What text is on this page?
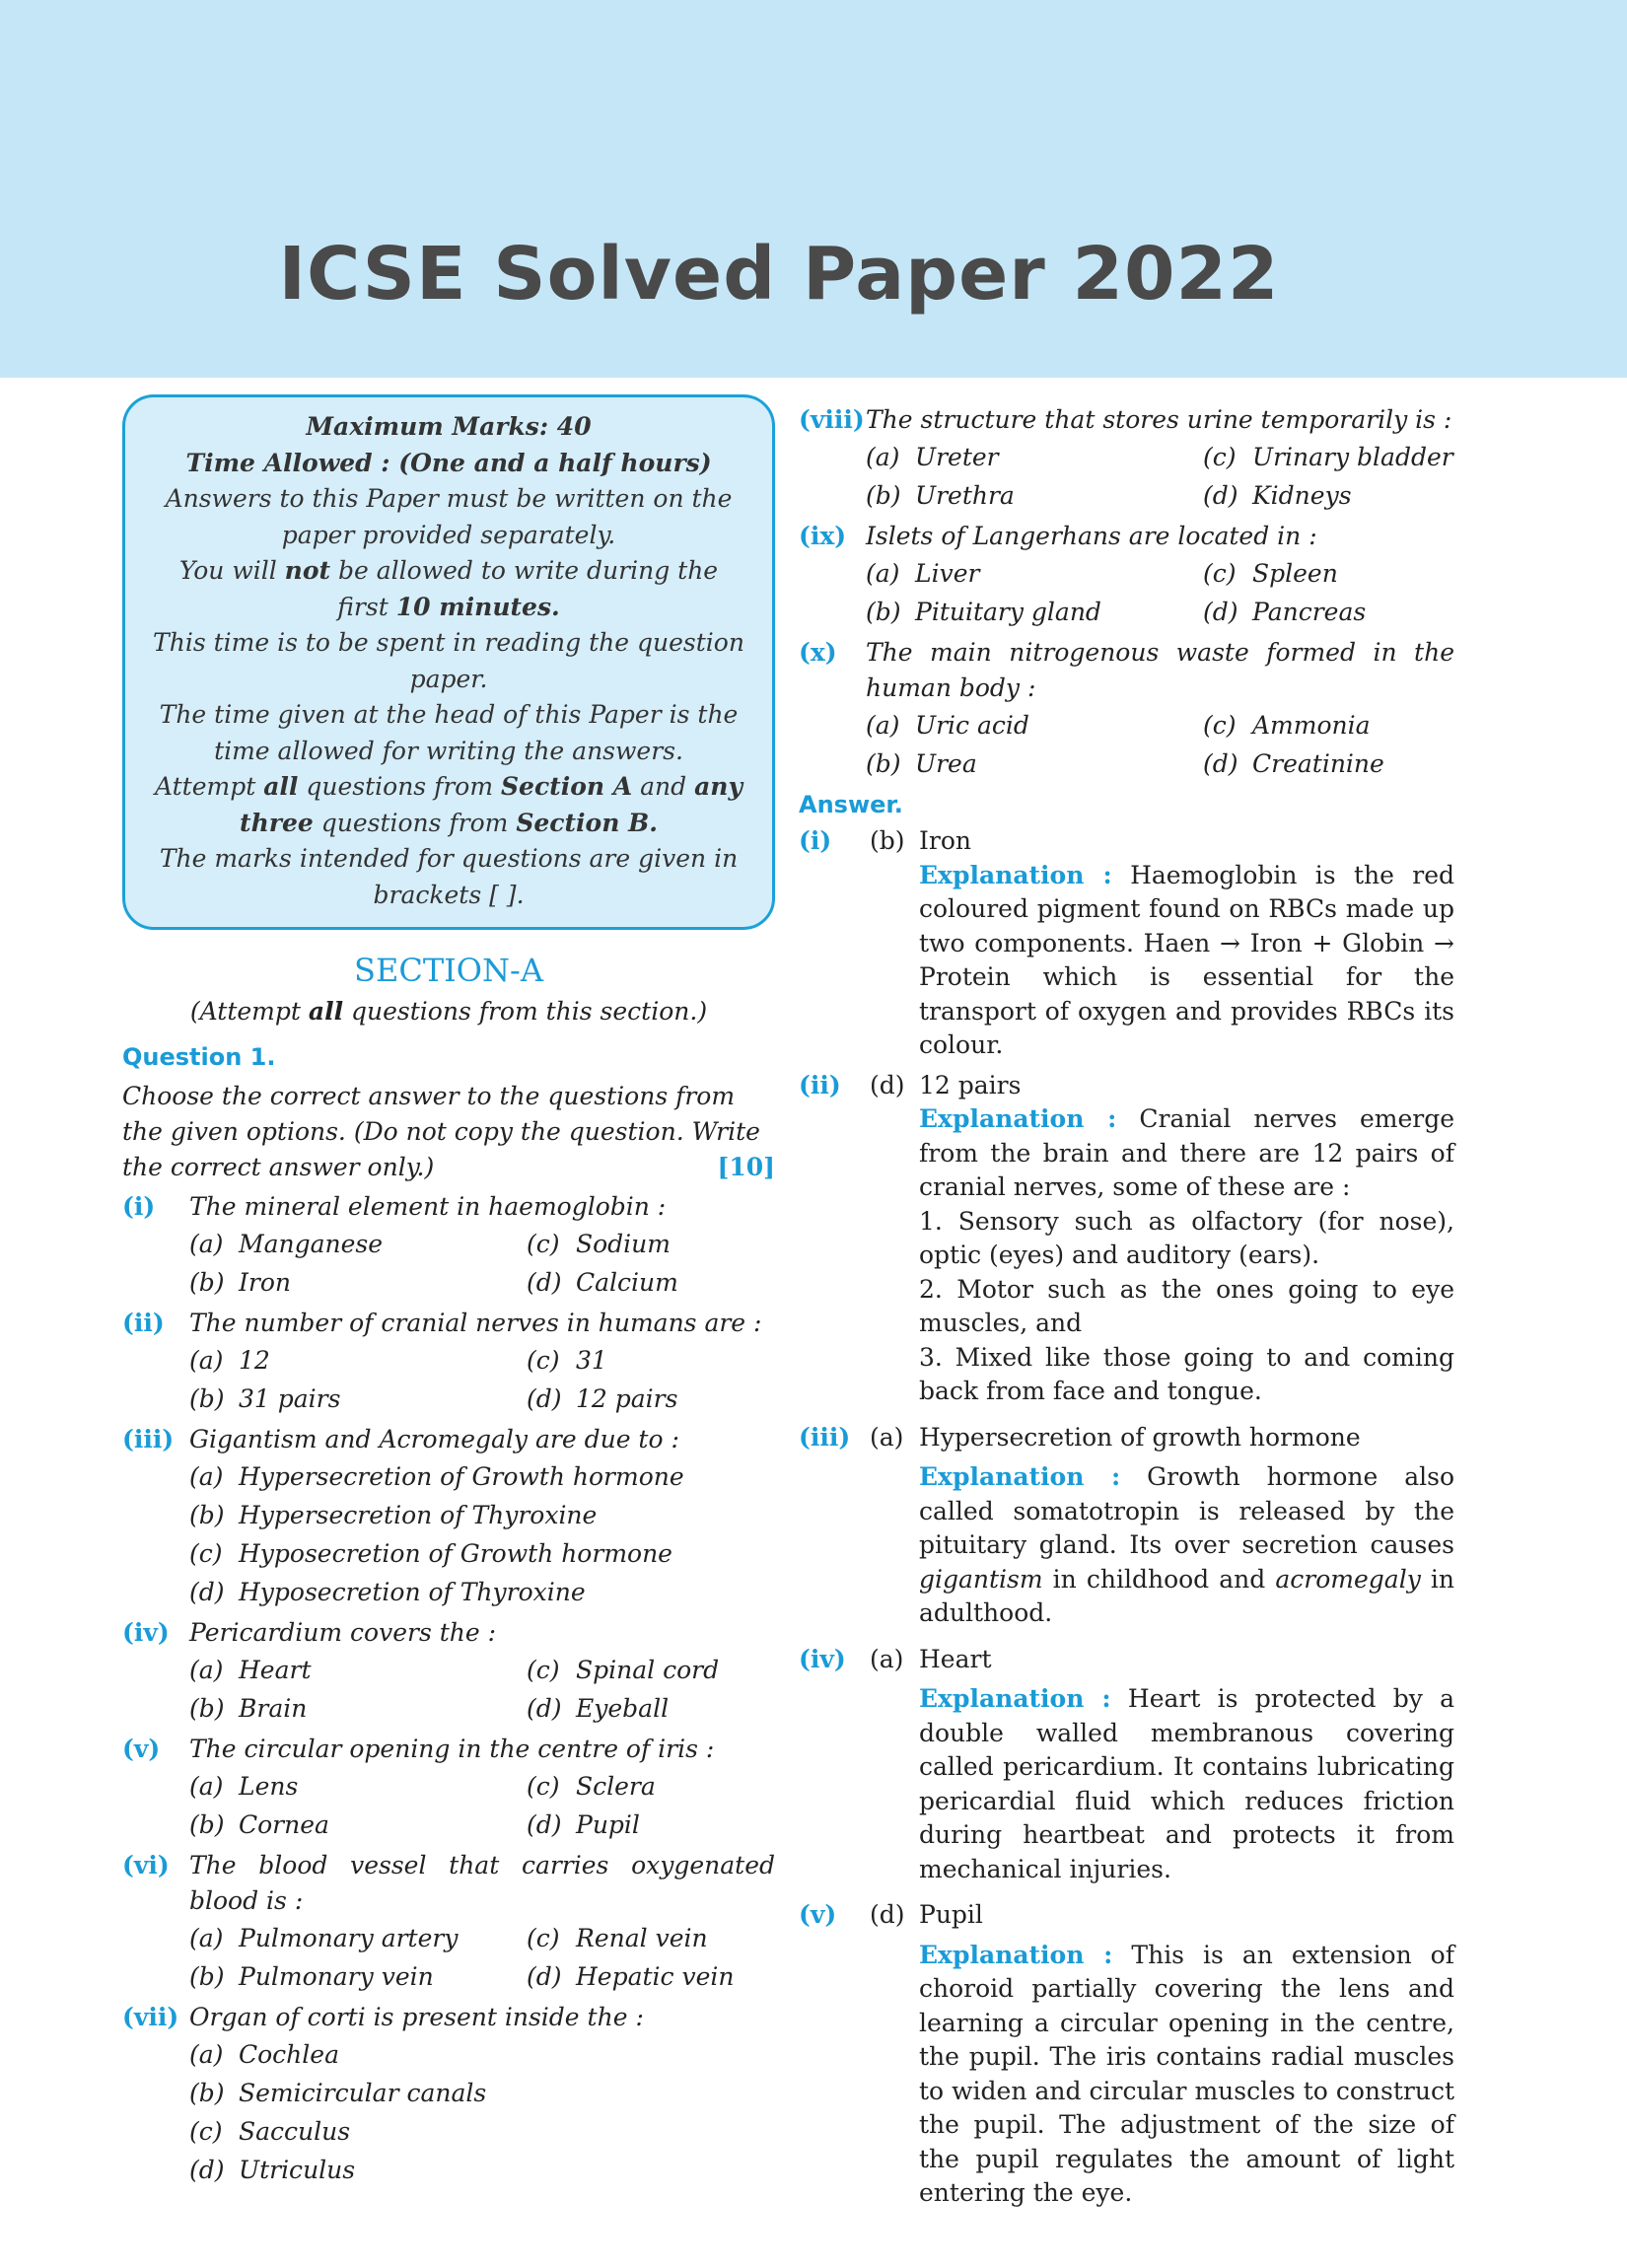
ICSE Solved Paper 2022
Maximum Marks: 40
Time Allowed : (One and a half hours)
Answers to this Paper must be written on the paper provided separately.
You will not be allowed to write during the first 10 minutes.
This time is to be spent in reading the question paper.
The time given at the head of this Paper is the time allowed for writing the answers.
Attempt all questions from Section A and any three questions from Section B.
The marks intended for questions are given in brackets [ ].
SECTION-A
(Attempt all questions from this section.)
Question 1.
Choose the correct answer to the questions from the given options. (Do not copy the question. Write the correct answer only.)	[10]
(i)	The mineral element in haemoglobin :
(a) Manganese	(c) Sodium
(b) Iron	(d) Calcium
(ii)	The number of cranial nerves in humans are :
(a) 12	(c) 31
(b) 31 pairs	(d) 12 pairs
(iii) Gigantism and Acromegaly are due to :
(a) Hypersecretion of Growth hormone
(b) Hypersecretion of Thyroxine
(c) Hyposecretion of Growth hormone
(d) Hyposecretion of Thyroxine
(iv) Pericardium covers the :
(a) Heart	(c) Spinal cord
(b) Brain	(d) Eyeball
(v)	The circular opening in the centre of iris :
(a) Lens	(c) Sclera
(b) Cornea	(d) Pupil
(vi) The blood vessel that carries oxygenated blood is :
(a) Pulmonary artery	(c) Renal vein
(b) Pulmonary vein	(d) Hepatic vein
(vii) Organ of corti is present inside the :
(a) Cochlea
(b) Semicircular canals
(c) Sacculus
(d) Utriculus
(viii) The structure that stores urine temporarily is :
(a) Ureter	(c) Urinary bladder
(b) Urethra	(d) Kidneys
(ix) Islets of Langerhans are located in :
(a) Liver	(c) Spleen
(b) Pituitary gland	(d) Pancreas
(x)	The main nitrogenous waste formed in the human body :
(a) Uric acid	(c) Ammonia
(b) Urea	(d) Creatinine
Answer.
(i)	(b) Iron
Explanation : Haemoglobin is the red coloured pigment found on RBCs made up two components. Haen → Iron + Globin → Protein which is essential for the transport of oxygen and provides RBCs its colour.
(ii)	(d) 12 pairs
Explanation : Cranial nerves emerge from the brain and there are 12 pairs of cranial nerves, some of these are :
1. Sensory such as olfactory (for nose), optic (eyes) and auditory (ears).
2. Motor such as the ones going to eye muscles, and
3. Mixed like those going to and coming back from face and tongue.
(iii) (a) Hypersecretion of growth hormone
Explanation : Growth hormone also called somatotropin is released by the pituitary gland. Its over secretion causes gigantism in childhood and acromegaly in adulthood.
(iv) (a) Heart
Explanation : Heart is protected by a double walled membranous covering called pericardium. It contains lubricating pericardial fluid which reduces friction during heartbeat and protects it from mechanical injuries.
(v)	(d) Pupil
Explanation : This is an extension of choroid partially covering the lens and learning a circular opening in the centre, the pupil. The iris contains radial muscles to widen and circular muscles to construct the pupil. The adjustment of the size of the pupil regulates the amount of light entering the eye.
